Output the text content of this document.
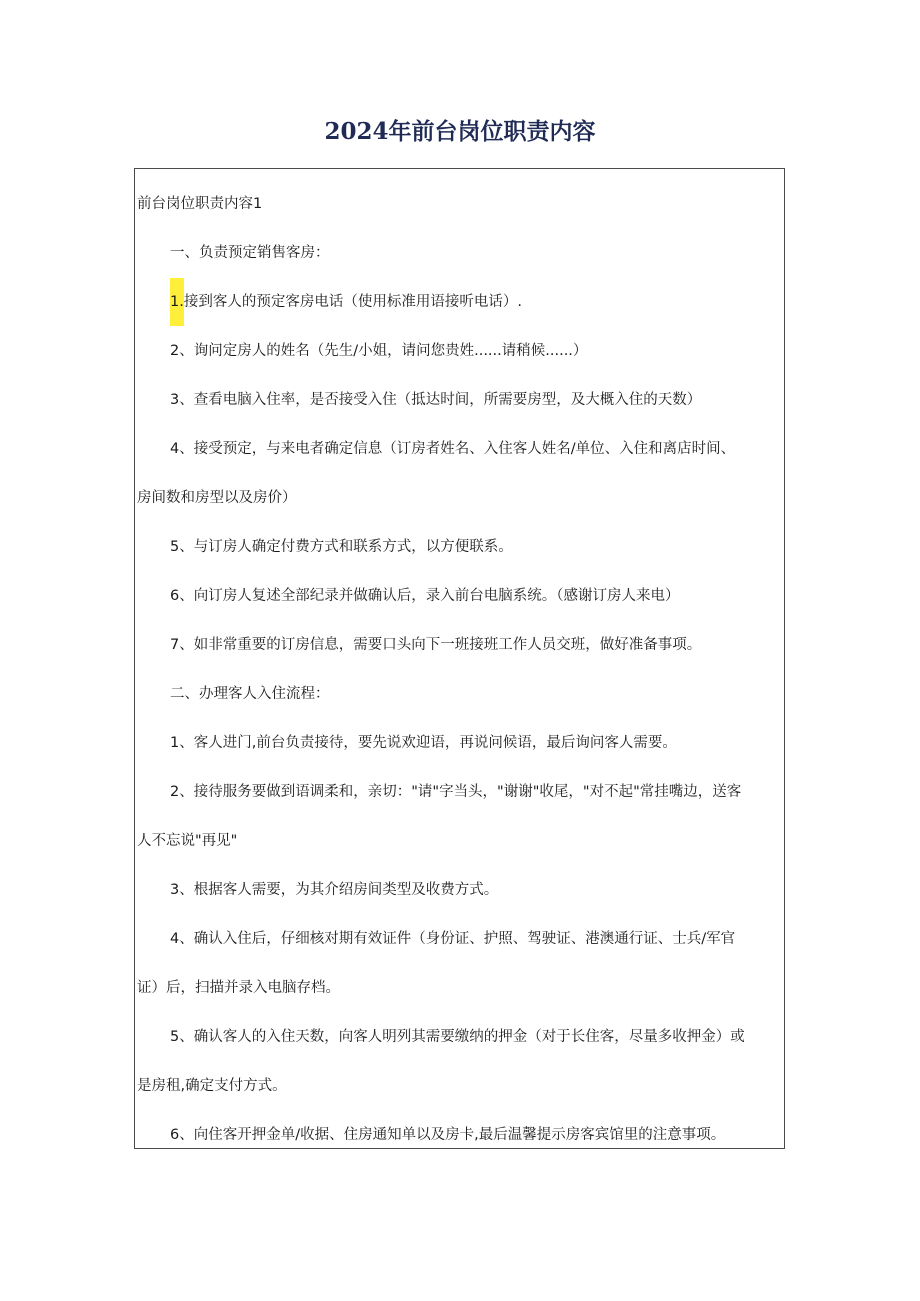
2024年前台岗位职责内容

前台岗位职责内容1

一、负责预定销售客房：

1.接到客人的预定客房电话（使用标准用语接听电话）.

2、询问定房人的姓名（先生/小姐，请问您贵姓......请稍候......）

3、查看电脑入住率，是否接受入住（抵达时间，所需要房型，及大概入住的天数）

4、接受预定，与来电者确定信息（订房者姓名、入住客人姓名/单位、入住和离店时间、

房间数和房型以及房价）

5、与订房人确定付费方式和联系方式，以方便联系。

6、向订房人复述全部纪录并做确认后，录入前台电脑系统。（感谢订房人来电）

7、如非常重要的订房信息，需要口头向下一班接班工作人员交班，做好准备事项。

二、办理客人入住流程：

1、客人进门,前台负责接待，要先说欢迎语，再说问候语，最后询问客人需要。

2、接待服务要做到语调柔和，亲切："请"字当头，"谢谢"收尾，"对不起"常挂嘴边，送客

人不忘说"再见"

3、根据客人需要，为其介绍房间类型及收费方式。

4、确认入住后，仔细核对期有效证件（身份证、护照、驾驶证、港澳通行证、士兵/军官

证）后，扫描并录入电脑存档。

5、确认客人的入住天数，向客人明列其需要缴纳的押金（对于长住客，尽量多收押金）或

是房租,确定支付方式。

6、向住客开押金单/收据、住房通知单以及房卡,最后温馨提示房客宾馆里的注意事项。
